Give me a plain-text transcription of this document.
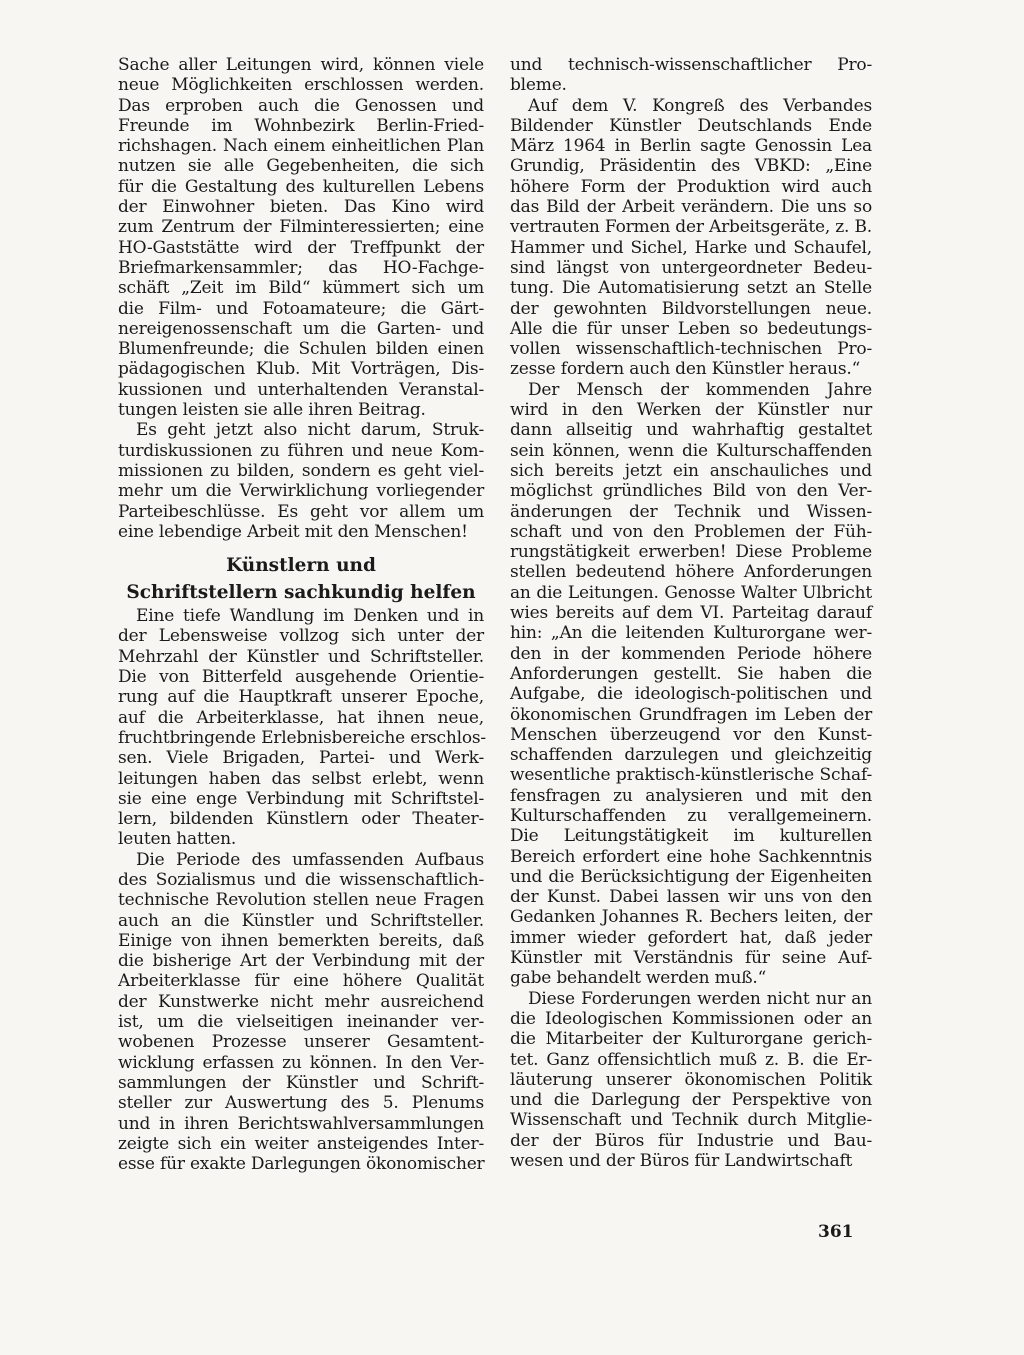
Sache aller Leitungen wird, können viele
neue Möglichkeiten erschlossen werden.
Das erproben auch die Genossen und
Freunde im Wohnbezirk Berlin-Fried-
richshagen. Nach einem einheitlichen Plan
nutzen sie alle Gegebenheiten, die sich
für die Gestaltung des kulturellen Lebens
der Einwohner bieten. Das Kino wird
zum Zentrum der Filminteressierten; eine
HO-Gaststätte wird der Treffpunkt der
Briefmarkensammler; das HO-Fachge-
schäft „Zeit im Bild“ kümmert sich um
die Film- und Fotoamateure; die Gärt-
nereigenossenschaft um die Garten- und
Blumenfreunde; die Schulen bilden einen
pädagogischen Klub. Mit Vorträgen, Dis-
kussionen und unterhaltenden Veranstal-
tungen leisten sie alle ihren Beitrag.
Es geht jetzt also nicht darum, Struk-
turdiskussionen zu führen und neue Kom-
missionen zu bilden, sondern es geht viel-
mehr um die Verwirklichung vorliegender
Parteibeschlüsse. Es geht vor allem um
eine lebendige Arbeit mit den Menschen!
Künstlern und
Schriftstellern sachkundig helfen
Eine tiefe Wandlung im Denken und in
der Lebensweise vollzog sich unter der
Mehrzahl der Künstler und Schriftsteller.
Die von Bitterfeld ausgehende Orientie-
rung auf die Hauptkraft unserer Epoche,
auf die Arbeiterklasse, hat ihnen neue,
fruchtbringende Erlebnisbereiche erschlos-
sen. Viele Brigaden, Partei- und Werk-
leitungen haben das selbst erlebt, wenn
sie eine enge Verbindung mit Schriftstel-
lern, bildenden Künstlern oder Theater-
leuten hatten.
Die Periode des umfassenden Aufbaus
des Sozialismus und die wissenschaftlich-
technische Revolution stellen neue Fragen
auch an die Künstler und Schriftsteller.
Einige von ihnen bemerkten bereits, daß
die bisherige Art der Verbindung mit der
Arbeiterklasse für eine höhere Qualität
der Kunstwerke nicht mehr ausreichend
ist, um die vielseitigen ineinander ver-
wobenen Prozesse unserer Gesamtent-
wicklung erfassen zu können. In den Ver-
sammlungen der Künstler und Schrift-
steller zur Auswertung des 5. Plenums
und in ihren Berichtswahlversammlungen
zeigte sich ein weiter ansteigendes Inter-
esse für exakte Darlegungen ökonomischer
und technisch-wissenschaftlicher Pro-
bleme.
Auf dem V. Kongreß des Verbandes
Bildender Künstler Deutschlands Ende
März 1964 in Berlin sagte Genossin Lea
Grundig, Präsidentin des VBKD: „Eine
höhere Form der Produktion wird auch
das Bild der Arbeit verändern. Die uns so
vertrauten Formen der Arbeitsgeräte, z. B.
Hammer und Sichel, Harke und Schaufel,
sind längst von untergeordneter Bedeu-
tung. Die Automatisierung setzt an Stelle
der gewohnten Bildvorstellungen neue.
Alle die für unser Leben so bedeutungs-
vollen wissenschaftlich-technischen Pro-
zesse fordern auch den Künstler heraus.“
Der Mensch der kommenden Jahre
wird in den Werken der Künstler nur
dann allseitig und wahrhaftig gestaltet
sein können, wenn die Kulturschaffenden
sich bereits jetzt ein anschauliches und
möglichst gründliches Bild von den Ver-
änderungen der Technik und Wissen-
schaft und von den Problemen der Füh-
rungstätigkeit erwerben! Diese Probleme
stellen bedeutend höhere Anforderungen
an die Leitungen. Genosse Walter Ulbricht
wies bereits auf dem VI. Parteitag darauf
hin: „An die leitenden Kulturorgane wer-
den in der kommenden Periode höhere
Anforderungen gestellt. Sie haben die
Aufgabe, die ideologisch-politischen und
ökonomischen Grundfragen im Leben der
Menschen überzeugend vor den Kunst-
schaffenden darzulegen und gleichzeitig
wesentliche praktisch-künstlerische Schaf-
fensfragen zu analysieren und mit den
Kulturschaffenden zu verallgemeinern.
Die Leitungstätigkeit im kulturellen
Bereich erfordert eine hohe Sachkenntnis
und die Berücksichtigung der Eigenheiten
der Kunst. Dabei lassen wir uns von den
Gedanken Johannes R. Bechers leiten, der
immer wieder gefordert hat, daß jeder
Künstler mit Verständnis für seine Auf-
gabe behandelt werden muß.“
Diese Forderungen werden nicht nur an
die Ideologischen Kommissionen oder an
die Mitarbeiter der Kulturorgane gerich-
tet. Ganz offensichtlich muß z. B. die Er-
läuterung unserer ökonomischen Politik
und die Darlegung der Perspektive von
Wissenschaft und Technik durch Mitglie-
der der Büros für Industrie und Bau-
wesen und der Büros für Landwirtschaft
361
